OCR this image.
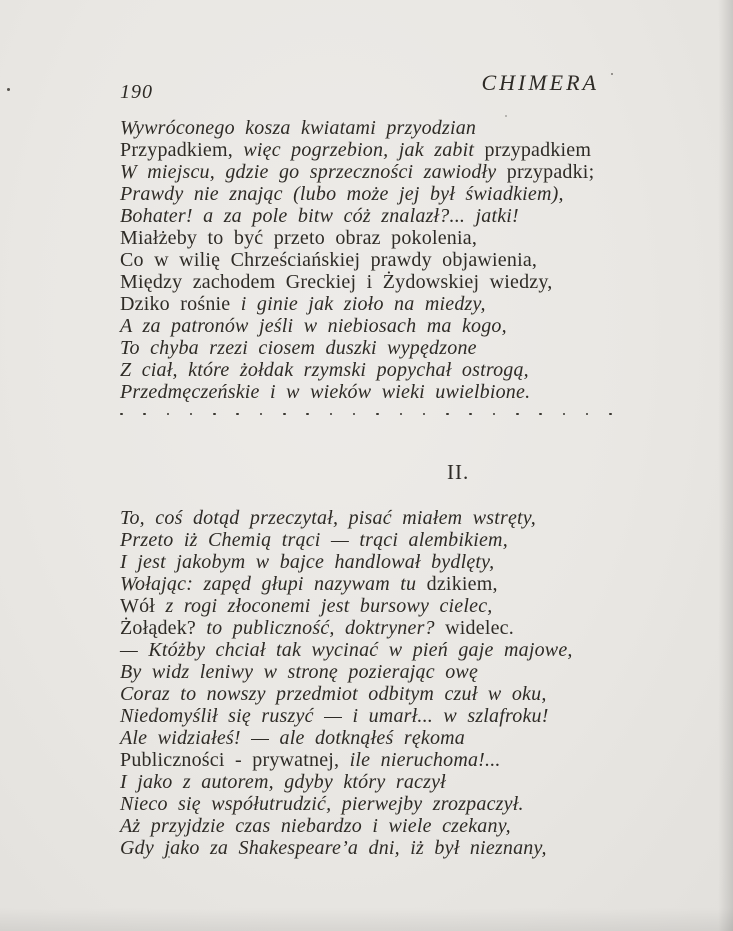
190	CHIMERA
Wywróconego kosza kwiatami przyodzian
Przypadkiem, więc pogrzebion, jak zabit przypadkiem
W miejscu, gdzie go sprzeczności zawiodły przypadki;
Prawdy nie znając (lubo może jej był świadkiem),
Bohater! a za pole bitw cóż znalazł?... jatki!
Miałżeby to być przeto obraz pokolenia,
Co w wilię Chrześciańskiej prawdy objawienia,
Między zachodem Greckiej i Żydowskiej wiedzy,
Dziko rośnie i ginie jak zioło na miedzy,
A za patronów jeśli w niebiosach ma kogo,
To chyba rzezi ciosem duszki wypędzone
Z ciał, które żołdak rzymski popychał ostrogą,
Przedmęczeńskie i w wieków wieki uwielbione.
II.
To, coś dotąd przeczytał, pisać miałem wstręty,
Przeto iż Chemią trąci — trąci alembikiem,
I jest jakobym w bajce handlował bydlęty,
Wołając: zapęd głupi nazywam tu dzikiem,
Wół z rogi złoconemi jest bursowy cielec,
Żołądek? to publiczność, doktryner? widelec.
— Któżby chciał tak wycinać w pień gaje majowe,
By widz leniwy w stronę pozierając owę
Coraz to nowszy przedmiot odbitym czuł w oku,
Niedomyślił się ruszyć — i umarł... w szlafroku!
Ale widziałeś! — ale dotknąłeś rękoma
Publiczności - prywatnej, ile nieruchoma!...
I jako z autorem, gdyby który raczył
Nieco się współutrudzić, pierwejby zrozpaczył.
Aż przyjdzie czas niebardzo i wiele czekany,
Gdy jako za Shakespeare’a dni, iż był nieznany,
